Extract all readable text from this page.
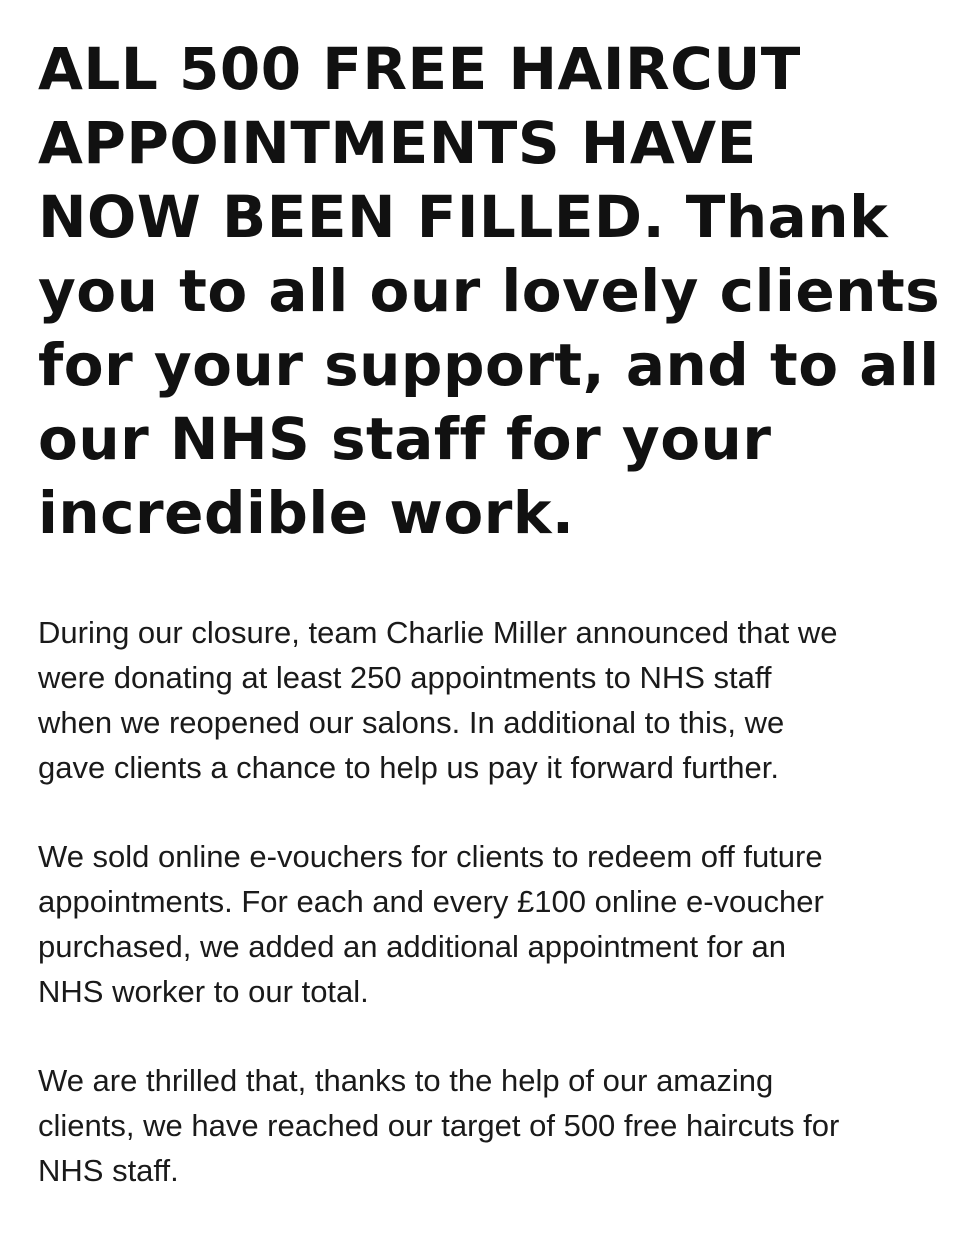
ALL 500 FREE HAIRCUT
APPOINTMENTS HAVE
NOW BEEN FILLED. Thank
you to all our lovely clients
for your support, and to all
our NHS staff for your
incredible work.

During our closure, team Charlie Miller announced that we
were donating at least 250 appointments to NHS staff
when we reopened our salons. In additional to this, we
gave clients a chance to help us pay it forward further.

We sold online e-vouchers for clients to redeem off future
appointments. For each and every £100 online e-voucher
purchased, we added an additional appointment for an
NHS worker to our total.

We are thrilled that, thanks to the help of our amazing
clients, we have reached our target of 500 free haircuts for
NHS staff.
